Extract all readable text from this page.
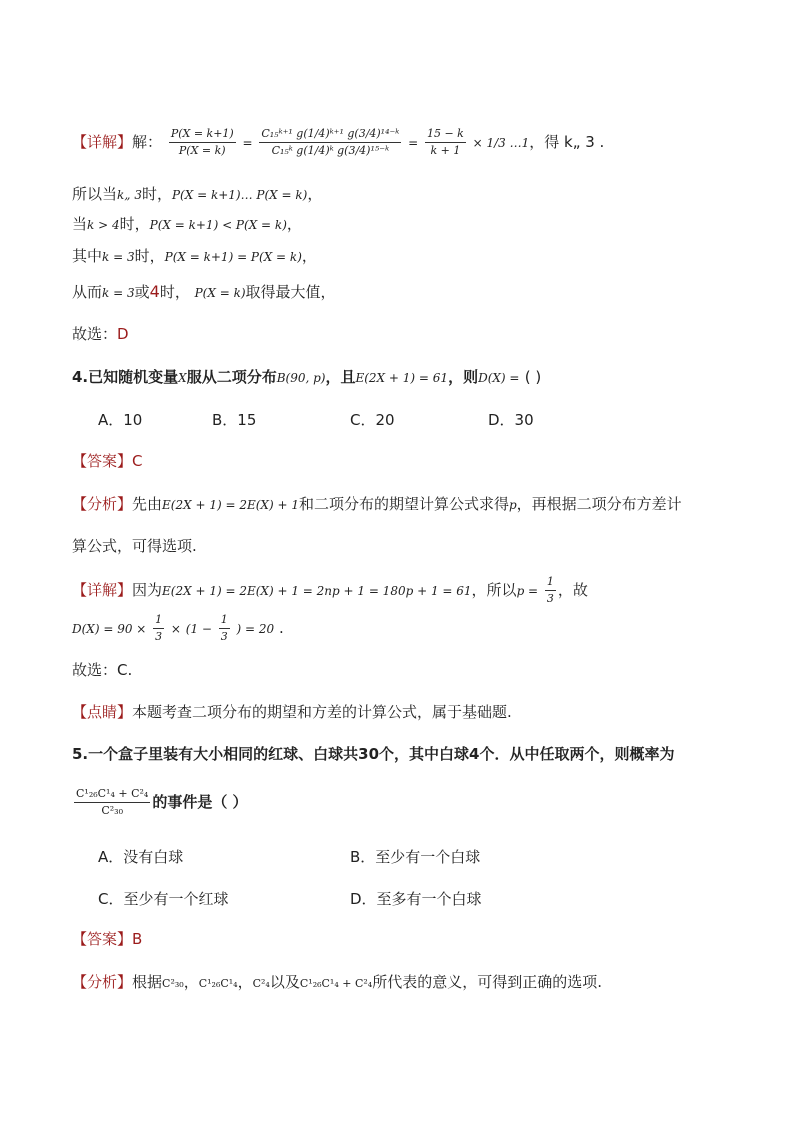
【详解】解： $\frac{P(X = k+1)}{P(X = k)} = \frac{\text{C₁₅ᵏ⁺¹ g(1/4)ᵏ⁺¹ g(3/4)¹⁴⁻ᵏ}}{\text{C₁₅ᵏ g(1/4)ᵏ g(3/4)¹⁵⁻ᵏ}} = \frac{15 - k}{k + 1} \times 1/3$ …1，得 k„ 3 .
所以当k„ 3时，P(X = k+1)… P(X = k)，
当k > 4时，P(X = k+1) < P(X = k)，
其中k = 3时，P(X = k+1) = P(X = k)，
从而k = 3或4时， P(X = k)取得最大值，
故选：D
4.已知随机变量X服从二项分布B(90, p)，且E(2X + 1) = 61，则D(X) = ( )
A．10	B．15	C．20	D．30
【答案】C
【分析】先由E(2X + 1) = 2E(X) + 1和二项分布的期望计算公式求得p，再根据二项分布方差计
算公式，可得选项.
【详解】因为E(2X + 1) = 2E(X) + 1 = 2np + 1 = 180p + 1 = 61，所以$p = \frac{1}{3}$ ，故
$D(X) = 90 \times \frac{1}{3} \times (1 - \frac{1}{3}$ ) = 20 .
故选：C.
【点睛】本题考查二项分布的期望和方差的计算公式，属于基础题.
5.一个盒子里装有大小相同的红球、白球共30个，其中白球4个．从中任取两个，则概率为
$\frac{\text{C¹₂₆C¹₄ + C²₄}}{\text{C²₃₀}}$ 的事件是（ ）
A．没有白球	B．至少有一个白球
C．至少有一个红球	D．至多有一个白球
【答案】B
【分析】根据C²₃₀，C¹₂₆C¹₄，C²₄以及C¹₂₆C¹₄ + C²₄所代表的意义，可得到正确的选项.
